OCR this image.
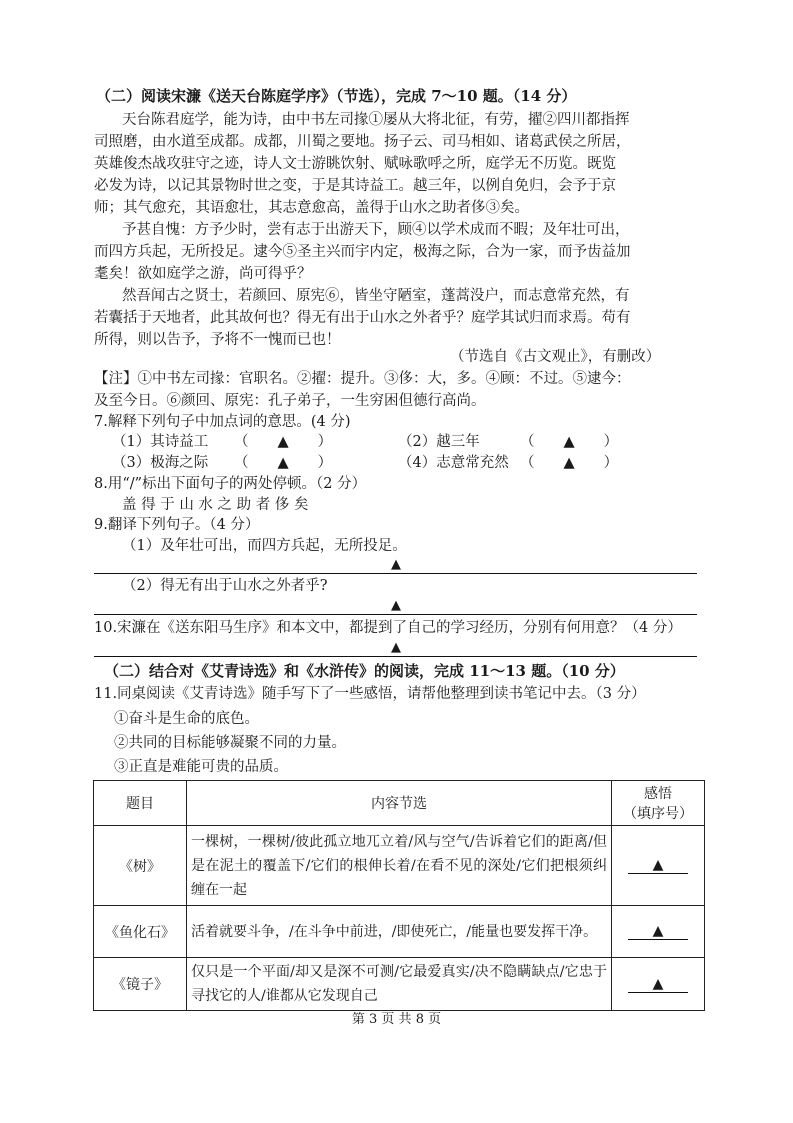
（二）阅读宋濂《送天台陈庭学序》（节选），完成 7～10 题。（14 分）
天台陈君庭学，能为诗，由中书左司掾①屡从大将北征，有劳，擢②四川都指挥
司照磨，由水道至成都。成都，川蜀之要地。扬子云、司马相如、诸葛武侯之所居，
英雄俊杰战攻驻守之迹，诗人文士游眺饮射、赋咏歌呼之所，庭学无不历览。既览
必发为诗，以记其景物时世之变，于是其诗益工。越三年，以例自免归，会予于京
师；其气愈充，其语愈壮，其志意愈高，盖得于山水之助者侈③矣。
予甚自愧：方予少时，尝有志于出游天下，顾④以学术成而不暇；及年壮可出，
而四方兵起，无所投足。逮今⑤圣主兴而宇内定，极海之际，合为一家，而予齿益加
耄矣！欲如庭学之游，尚可得乎？
然吾闻古之贤士，若颜回、原宪⑥，皆坐守陋室，蓬蒿没户，而志意常充然，有
若囊括于天地者，此其故何也？得无有出于山水之外者乎？庭学其试归而求焉。苟有
所得，则以告予，予将不一愧而已也！
（节选自《古文观止》，有删改）
【注】①中书左司掾：官职名。②擢：提升。③侈：大，多。④顾：不过。⑤逮今：
及至今日。⑥颜回、原宪：孔子弟子，一生穷困但德行高尚。
7.解释下列句子中加点词的意思。(4 分)
（1）其诗益工 （　　▲　　）	（2）越三年	（　　▲　　）
（3）极海之际 （　　▲　　）	（4）志意常充然 （　　▲　　）
8.用“/”标出下面句子的两处停顿。（2 分）
盖 得 于 山 水 之 助 者 侈 矣
9.翻译下列句子。（4 分）
（1）及年壮可出，而四方兵起，无所投足。
▲
（2）得无有出于山水之外者乎?
▲
10.宋濂在《送东阳马生序》和本文中，都提到了自己的学习经历，分别有何用意？（4 分）
▲
（二）结合对《艾青诗选》和《水浒传》的阅读，完成 11～13 题。（10 分）
11.同桌阅读《艾青诗选》随手写下了一些感悟，请帮他整理到读书笔记中去。（3 分）
①奋斗是生命的底色。
②共同的目标能够凝聚不同的力量。
③正直是难能可贵的品质。
题目	内容节选	感悟
（填序号）

《树》	一棵树，一棵树/彼此孤立地兀立着/风与空气/告诉着它们的距离/但是在泥土的覆盖下/它们的根伸长着/在看不见的深处/它们把根须纠缠在一起	▲
《鱼化石》	活着就要斗争，/在斗争中前进，/即使死亡，/能量也要发挥干净。	▲
《镜子》	仅只是一个平面/却又是深不可测/它最爱真实/决不隐瞒缺点/它忠于寻找它的人/谁都从它发现自己	▲
第 3 页 共 8 页
